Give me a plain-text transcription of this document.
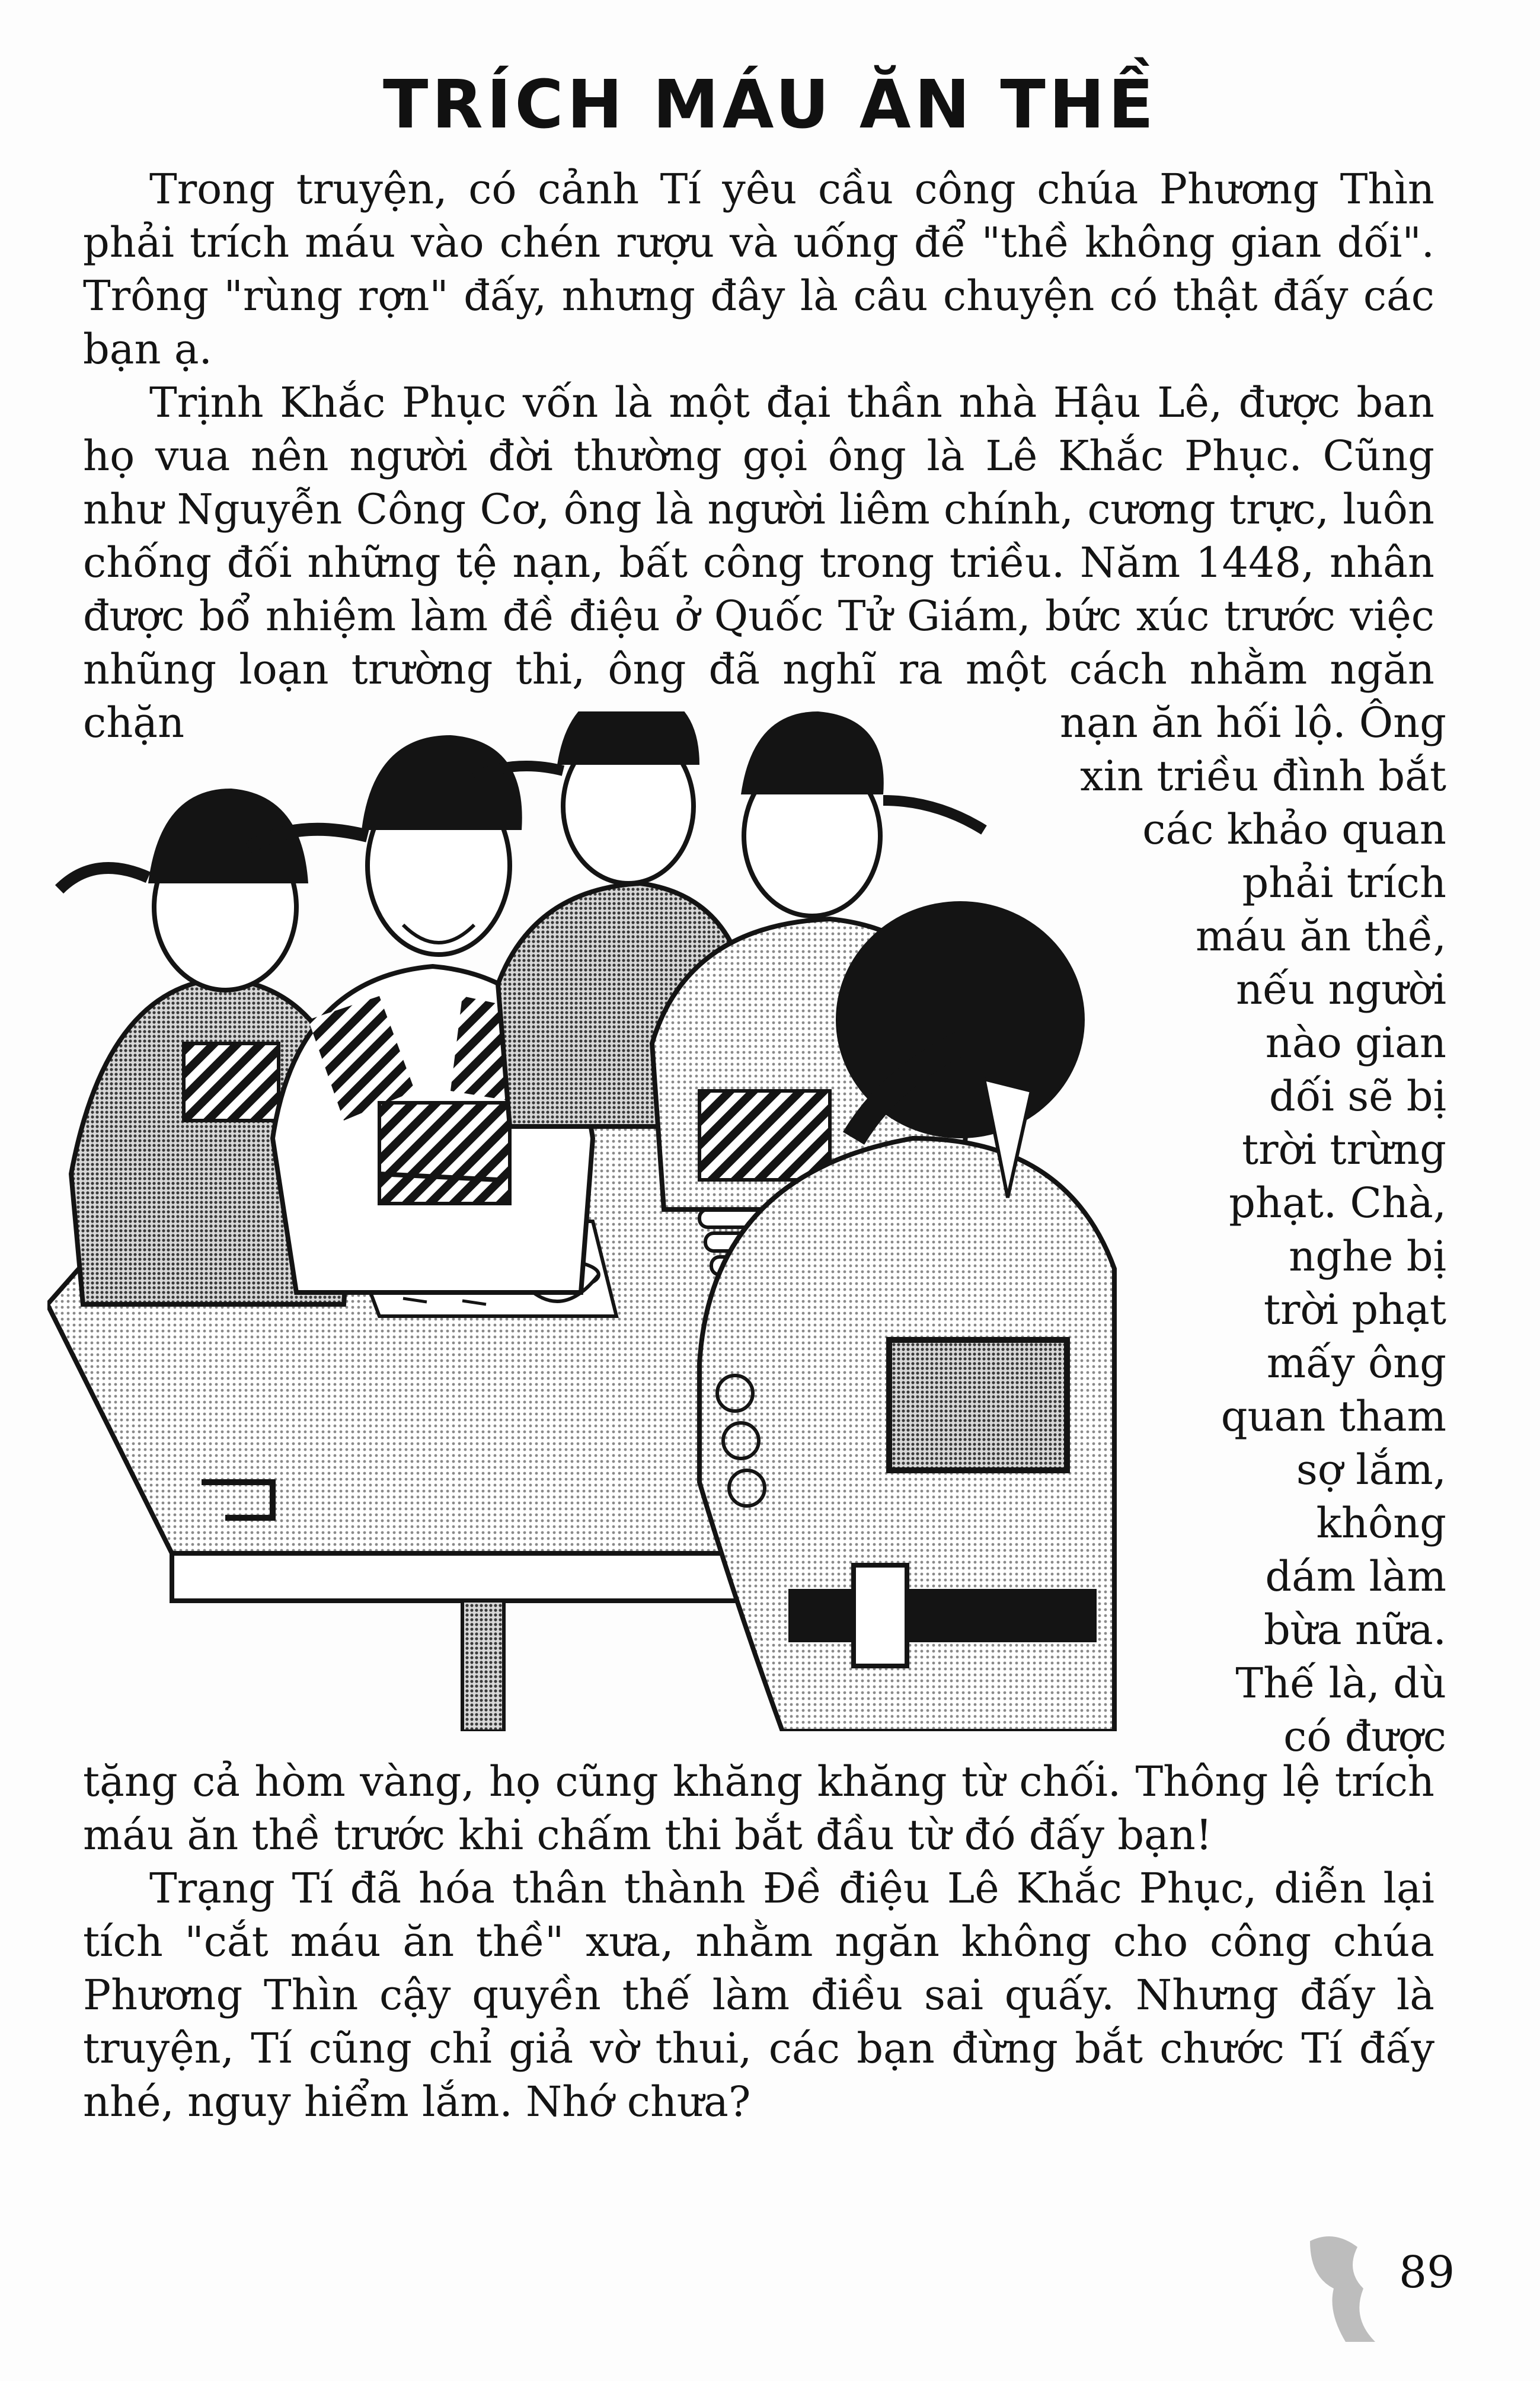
TRÍCH MÁU ĂN THỀ

Trong truyện, có cảnh Tí yêu cầu công chúa Phương Thìn phải trích máu vào chén rượu và uống để "thề không gian dối". Trông "rùng rợn" đấy, nhưng đây là câu chuyện có thật đấy các bạn ạ.

Trịnh Khắc Phục vốn là một đại thần nhà Hậu Lê, được ban họ vua nên người đời thường gọi ông là Lê Khắc Phục. Cũng như Nguyễn Công Cơ, ông là người liêm chính, cương trực, luôn chống đối những tệ nạn, bất công trong triều. Năm 1448, nhân được bổ nhiệm làm đề điệu ở Quốc Tử Giám, bức xúc trước việc nhũng loạn trường thi, ông đã nghĩ ra một cách nhằm ngăn chặn	nạn ăn hối lộ. Ông
xin triều đình bắt
các khảo quan
phải trích
máu ăn thề,
nếu người
nào gian
dối sẽ bị
trời trừng
phạt. Chà,
nghe bị
trời phạt
mấy ông
quan tham
sợ lắm,
không
dám làm
bừa nữa.
Thế là, dù
có được

tặng cả hòm vàng, họ cũng khăng khăng từ chối. Thông lệ trích máu ăn thề trước khi chấm thi bắt đầu từ đó đấy bạn!

Trạng Tí đã hóa thân thành Đề điệu Lê Khắc Phục, diễn lại tích "cắt máu ăn thề" xưa, nhằm ngăn không cho công chúa Phương Thìn cậy quyền thế làm điều sai quấy. Nhưng đấy là truyện, Tí cũng chỉ giả vờ thui, các bạn đừng bắt chước Tí đấy nhé, nguy hiểm lắm. Nhớ chưa?

89
